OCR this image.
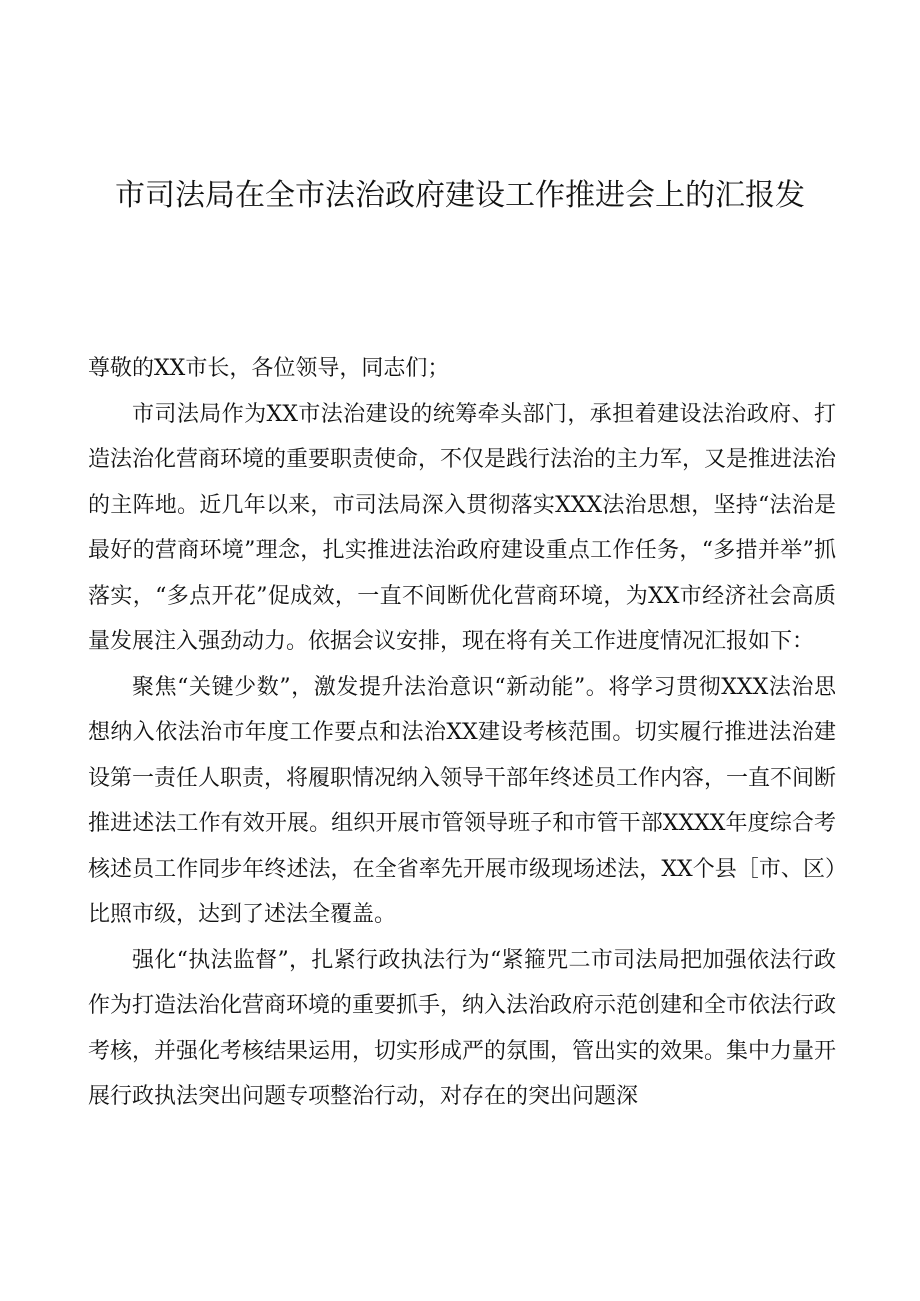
市司法局在全市法治政府建设工作推进会上的汇报发

尊敬的XX市长，各位领导，同志们；

市司法局作为XX市法治建设的统筹牵头部门，承担着建设法治政府、打造法治化营商环境的重要职责使命，不仅是践行法治的主力军，又是推进法治的主阵地。近几年以来，市司法局深入贯彻落实XXX法治思想，坚持“法治是最好的营商环境”理念，扎实推进法治政府建设重点工作任务，“多措并举”抓落实，“多点开花”促成效，一直不间断优化营商环境，为XX市经济社会高质量发展注入强劲动力。依据会议安排，现在将有关工作进度情况汇报如下：

聚焦“关键少数”，激发提升法治意识“新动能”。将学习贯彻XXX法治思想纳入依法治市年度工作要点和法治XX建设考核范围。切实履行推进法治建设第一责任人职责，将履职情况纳入领导干部年终述员工作内容，一直不间断推进述法工作有效开展。组织开展市管领导班子和市管干部XXXX年度综合考核述员工作同步年终述法，在全省率先开展市级现场述法，XX个县［市、区）比照市级，达到了述法全覆盖。

强化“执法监督”，扎紧行政执法行为“紧箍咒二市司法局把加强依法行政作为打造法治化营商环境的重要抓手，纳入法治政府示范创建和全市依法行政考核，并强化考核结果运用，切实形成严的氛围，管出实的效果。集中力量开展行政执法突出问题专项整治行动，对存在的突出问题深
